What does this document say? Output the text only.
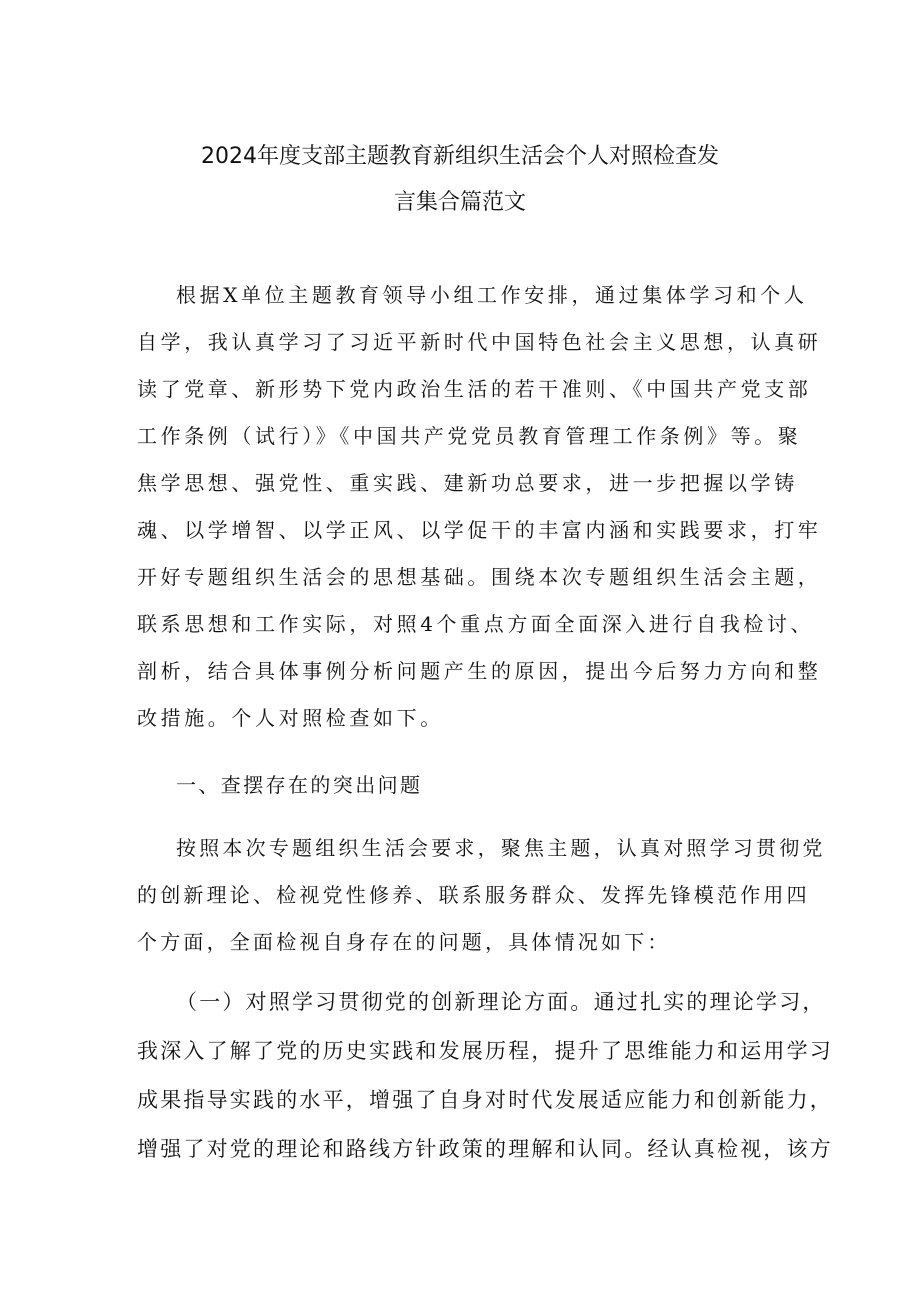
2024年度支部主题教育新组织生活会个人对照检查发
言集合篇范文
根据X单位主题教育领导小组工作安排，通过集体学习和个人
自学，我认真学习了习近平新时代中国特色社会主义思想，认真研
读了党章、新形势下党内政治生活的若干准则、《中国共产党支部
工作条例（试行）》《中国共产党党员教育管理工作条例》等。聚
焦学思想、强党性、重实践、建新功总要求，进一步把握以学铸
魂、以学增智、以学正风、以学促干的丰富内涵和实践要求，打牢
开好专题组织生活会的思想基础。围绕本次专题组织生活会主题，
联系思想和工作实际，对照4个重点方面全面深入进行自我检讨、
剖析，结合具体事例分析问题产生的原因，提出今后努力方向和整
改措施。个人对照检查如下。
一、查摆存在的突出问题
按照本次专题组织生活会要求，聚焦主题，认真对照学习贯彻党
的创新理论、检视党性修养、联系服务群众、发挥先锋模范作用四
个方面，全面检视自身存在的问题，具体情况如下：
（一）对照学习贯彻党的创新理论方面。通过扎实的理论学习，
我深入了解了党的历史实践和发展历程，提升了思维能力和运用学习
成果指导实践的水平，增强了自身对时代发展适应能力和创新能力，
增强了对党的理论和路线方针政策的理解和认同。经认真检视，该方
